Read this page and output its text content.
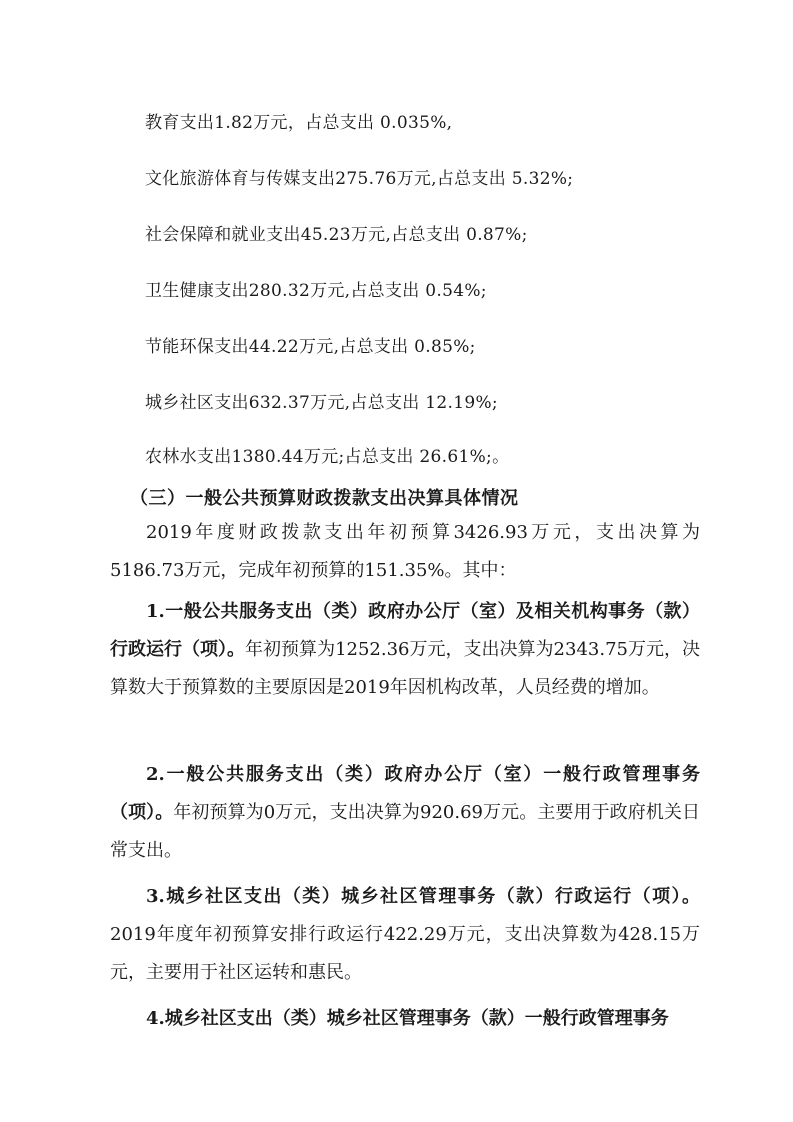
教育支出1.82万元，占总支出 0.035%,
文化旅游体育与传媒支出275.76万元,占总支出 5.32%;
社会保障和就业支出45.23万元,占总支出 0.87%;
卫生健康支出280.32万元,占总支出 0.54%;
节能环保支出44.22万元,占总支出 0.85%;
城乡社区支出632.37万元,占总支出 12.19%;
农林水支出1380.44万元;占总支出 26.61%;。
（三）一般公共预算财政拨款支出决算具体情况
2019年度财政拨款支出年初预算3426.93万元，支出决算为5186.73万元，完成年初预算的151.35%。其中：
1.一般公共服务支出（类）政府办公厅（室）及相关机构事务（款）行政运行（项）。年初预算为1252.36万元，支出决算为2343.75万元，决算数大于预算数的主要原因是2019年因机构改革，人员经费的增加。
2.一般公共服务支出（类）政府办公厅（室）一般行政管理事务（项）。年初预算为0万元，支出决算为920.69万元。主要用于政府机关日常支出。
3.城乡社区支出（类）城乡社区管理事务（款）行政运行（项）。2019年度年初预算安排行政运行422.29万元，支出决算数为428.15万元，主要用于社区运转和惠民。
4.城乡社区支出（类）城乡社区管理事务（款）一般行政管理事务
